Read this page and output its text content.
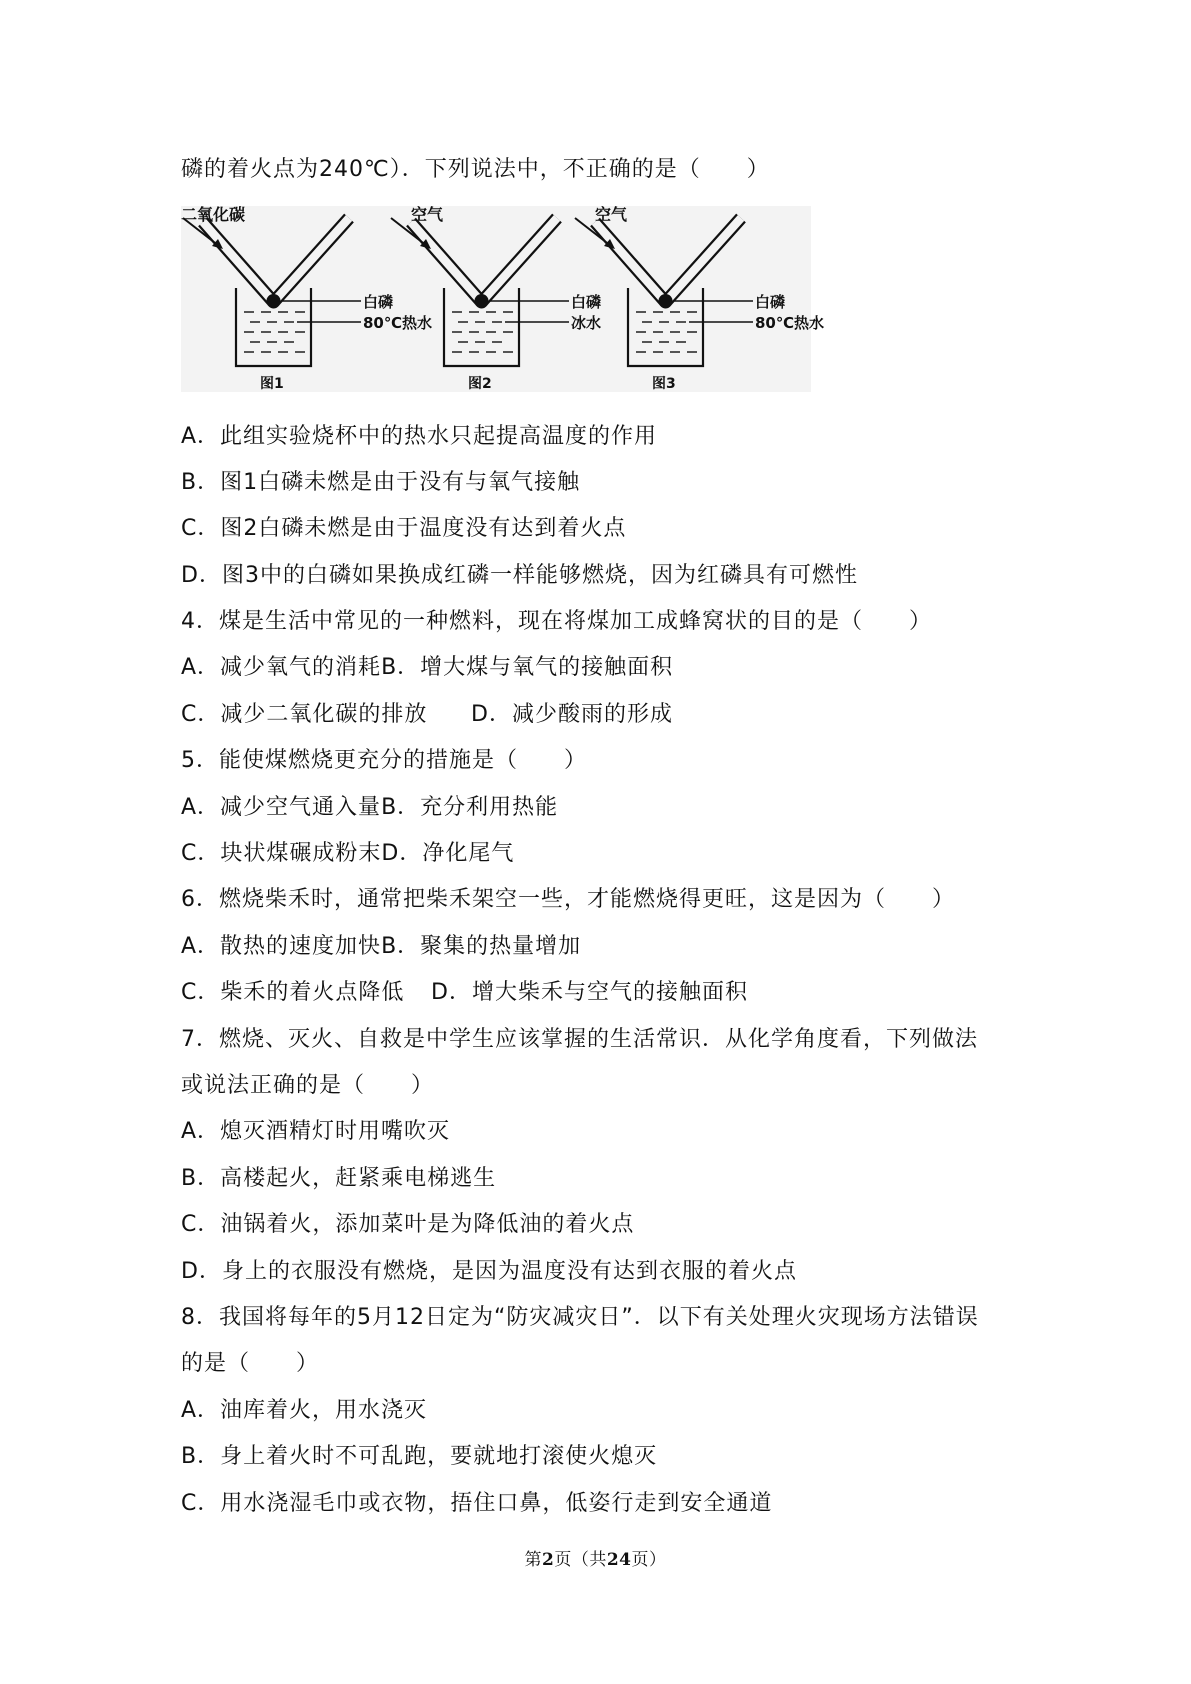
磷的着火点为240℃）．下列说法中，不正确的是（　　）

二氧化碳
白磷
80℃热水
图1
空气
白磷
冰水
图2
空气
白磷
80℃热水
图3

A．此组实验烧杯中的热水只起提高温度的作用

B．图1白磷未燃是由于没有与氧气接触

C．图2白磷未燃是由于温度没有达到着火点

D．图3中的白磷如果换成红磷一样能够燃烧，因为红磷具有可燃性

4．煤是生活中常见的一种燃料，现在将煤加工成蜂窝状的目的是（　　）

A．减少氧气的消耗B．增大煤与氧气的接触面积

C．减少二氧化碳的排放 D．减少酸雨的形成

5．能使煤燃烧更充分的措施是（　　）

A．减少空气通入量B．充分利用热能

C．块状煤碾成粉末D．净化尾气

6．燃烧柴禾时，通常把柴禾架空一些，才能燃烧得更旺，这是因为（　　）

A．散热的速度加快B．聚集的热量增加

C．柴禾的着火点降低 D．增大柴禾与空气的接触面积

7．燃烧、灭火、自救是中学生应该掌握的生活常识．从化学角度看，下列做法

或说法正确的是（　　）

A．熄灭酒精灯时用嘴吹灭

B．高楼起火，赶紧乘电梯逃生

C．油锅着火，添加菜叶是为降低油的着火点

D．身上的衣服没有燃烧，是因为温度没有达到衣服的着火点

8．我国将每年的5月12日定为“防灾减灾日”．以下有关处理火灾现场方法错误

的是（　　）

A．油库着火，用水浇灭

B．身上着火时不可乱跑，要就地打滚使火熄灭

C．用水浇湿毛巾或衣物，捂住口鼻，低姿行走到安全通道

第2页（共24页）
